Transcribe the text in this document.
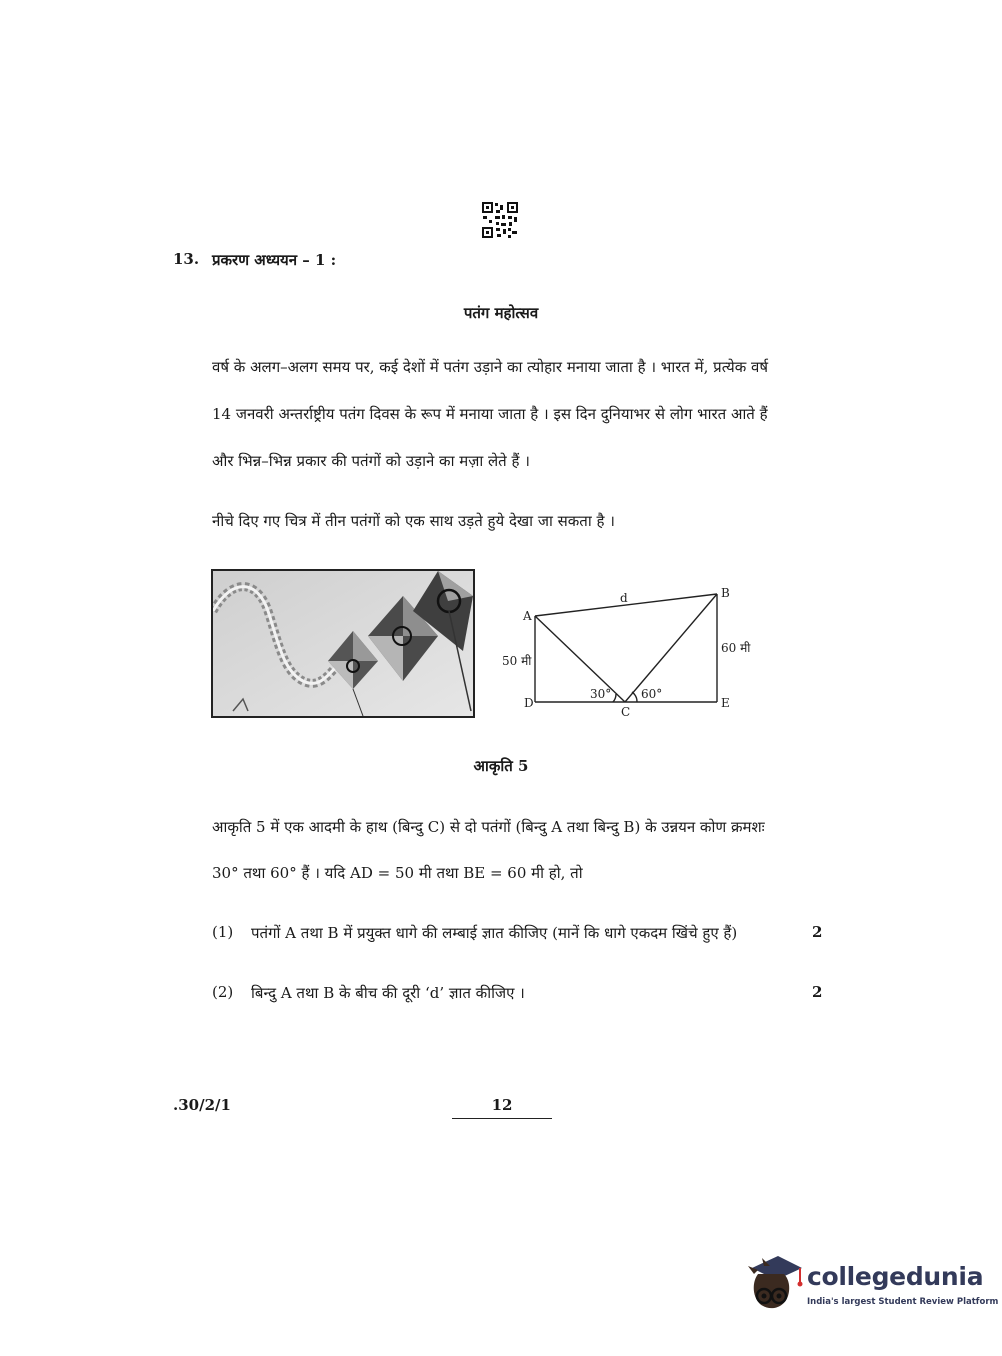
13. प्रकरण अध्ययन – 1 :
पतंग महोत्सव
वर्ष के अलग–अलग समय पर, कई देशों में पतंग उड़ाने का त्योहार मनाया जाता है । भारत में, प्रत्येक वर्ष
14 जनवरी अन्तर्राष्ट्रीय पतंग दिवस के रूप में मनाया जाता है । इस दिन दुनियाभर से लोग भारत आते हैं
और भिन्न–भिन्न प्रकार की पतंगों को उड़ाने का मज़ा लेते हैं ।
नीचे दिए गए चित्र में तीन पतंगों को एक साथ उड़ते हुये देखा जा सकता है ।
A
B
C
D	E
d
50 मी
60 मी
30° 60°
आकृति 5
आकृति 5 में एक आदमी के हाथ (बिन्दु C) से दो पतंगों (बिन्दु A तथा बिन्दु B) के उन्नयन कोण क्रमशः
30° तथा 60° हैं । यदि AD = 50 मी तथा BE = 60 मी हो, तो
(1) पतंगों A तथा B में प्रयुक्त धागे की लम्बाई ज्ञात कीजिए (मानें कि धागे एकदम खिंचे हुए हैं)	2
(2) बिन्दु A तथा B के बीच की दूरी ‘d’ ज्ञात कीजिए ।	2
.30/2/1	12
collegedunia
India's largest Student Review Platform
